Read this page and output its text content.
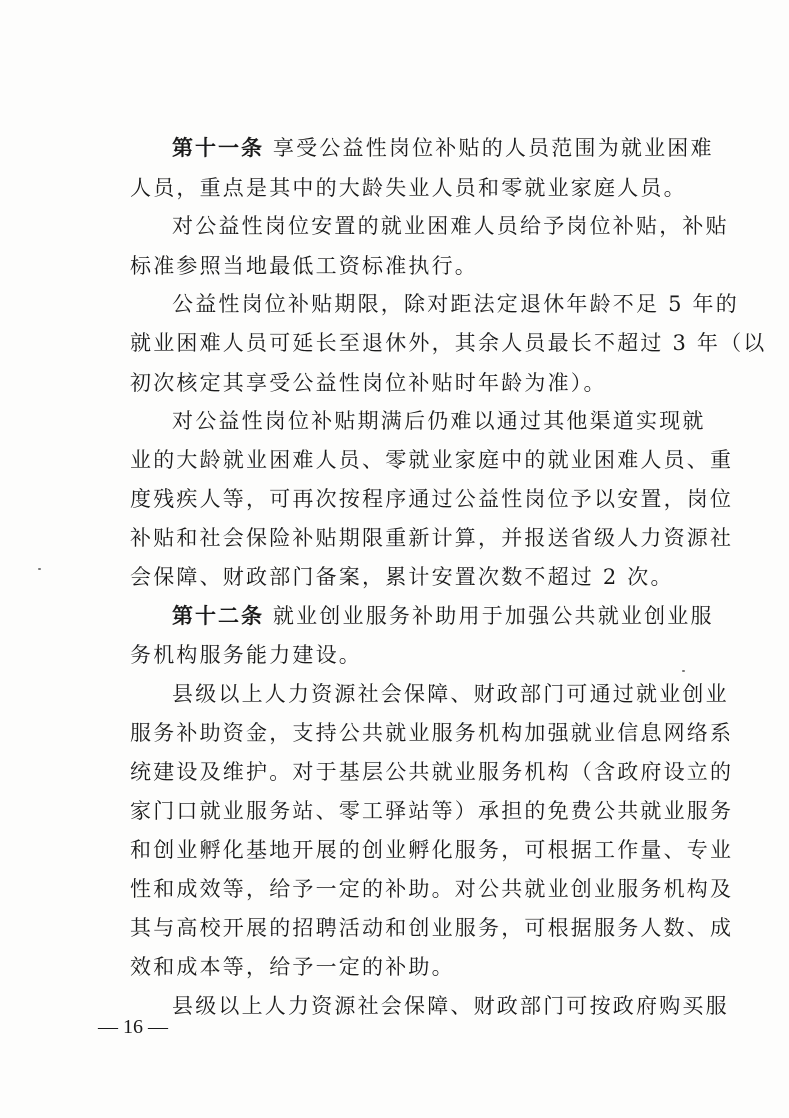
第十一条 享受公益性岗位补贴的人员范围为就业困难
人员，重点是其中的大龄失业人员和零就业家庭人员。
对公益性岗位安置的就业困难人员给予岗位补贴，补贴
标准参照当地最低工资标准执行。
公益性岗位补贴期限，除对距法定退休年龄不足 5 年的
就业困难人员可延长至退休外，其余人员最长不超过 3 年（以
初次核定其享受公益性岗位补贴时年龄为准）。
对公益性岗位补贴期满后仍难以通过其他渠道实现就
业的大龄就业困难人员、零就业家庭中的就业困难人员、重
度残疾人等，可再次按程序通过公益性岗位予以安置，岗位
补贴和社会保险补贴期限重新计算，并报送省级人力资源社
会保障、财政部门备案，累计安置次数不超过 2 次。
第十二条 就业创业服务补助用于加强公共就业创业服
务机构服务能力建设。
县级以上人力资源社会保障、财政部门可通过就业创业
服务补助资金，支持公共就业服务机构加强就业信息网络系
统建设及维护。对于基层公共就业服务机构（含政府设立的
家门口就业服务站、零工驿站等）承担的免费公共就业服务
和创业孵化基地开展的创业孵化服务，可根据工作量、专业
性和成效等，给予一定的补助。对公共就业创业服务机构及
其与高校开展的招聘活动和创业服务，可根据服务人数、成
效和成本等，给予一定的补助。
县级以上人力资源社会保障、财政部门可按政府购买服
— 16 —
